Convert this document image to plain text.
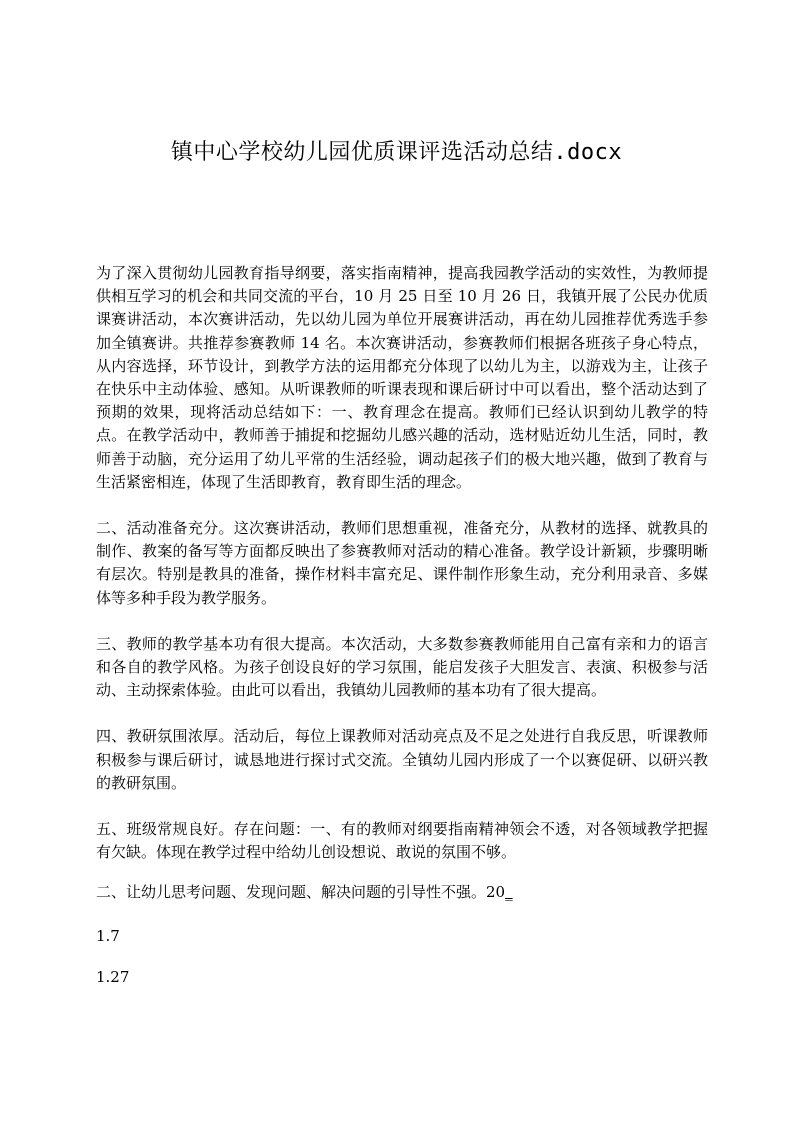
镇中心学校幼儿园优质课评选活动总结.docx

为了深入贯彻幼儿园教育指导纲要，落实指南精神，提高我园教学活动的实效性，为教师提供相互学习的机会和共同交流的平台，10 月 25 日至 10 月 26 日，我镇开展了公民办优质课赛讲活动，本次赛讲活动，先以幼儿园为单位开展赛讲活动，再在幼儿园推荐优秀选手参加全镇赛讲。共推荐参赛教师 14 名。本次赛讲活动，参赛教师们根据各班孩子身心特点，从内容选择，环节设计，到教学方法的运用都充分体现了以幼儿为主，以游戏为主，让孩子在快乐中主动体验、感知。从听课教师的听课表现和课后研讨中可以看出，整个活动达到了预期的效果，现将活动总结如下：一、教育理念在提高。教师们已经认识到幼儿教学的特点。在教学活动中，教师善于捕捉和挖掘幼儿感兴趣的活动，选材贴近幼儿生活，同时，教师善于动脑，充分运用了幼儿平常的生活经验，调动起孩子们的极大地兴趣，做到了教育与生活紧密相连，体现了生活即教育，教育即生活的理念。

二、活动准备充分。这次赛讲活动，教师们思想重视，准备充分，从教材的选择、就教具的制作、教案的备写等方面都反映出了参赛教师对活动的精心准备。教学设计新颖，步骤明晰有层次。特别是教具的准备，操作材料丰富充足、课件制作形象生动，充分利用录音、多媒体等多种手段为教学服务。

三、教师的教学基本功有很大提高。本次活动，大多数参赛教师能用自己富有亲和力的语言和各自的教学风格。为孩子创设良好的学习氛围，能启发孩子大胆发言、表演、积极参与活动、主动探索体验。由此可以看出，我镇幼儿园教师的基本功有了很大提高。

四、教研氛围浓厚。活动后，每位上课教师对活动亮点及不足之处进行自我反思，听课教师积极参与课后研讨，诚恳地进行探讨式交流。全镇幼儿园内形成了一个以赛促研、以研兴教的教研氛围。

五、班级常规良好。存在问题：一、有的教师对纲要指南精神领会不透，对各领域教学把握有欠缺。体现在教学过程中给幼儿创设想说、敢说的氛围不够。

二、让幼儿思考问题、发现问题、解决问题的引导性不强。20_

1.7

1.27
